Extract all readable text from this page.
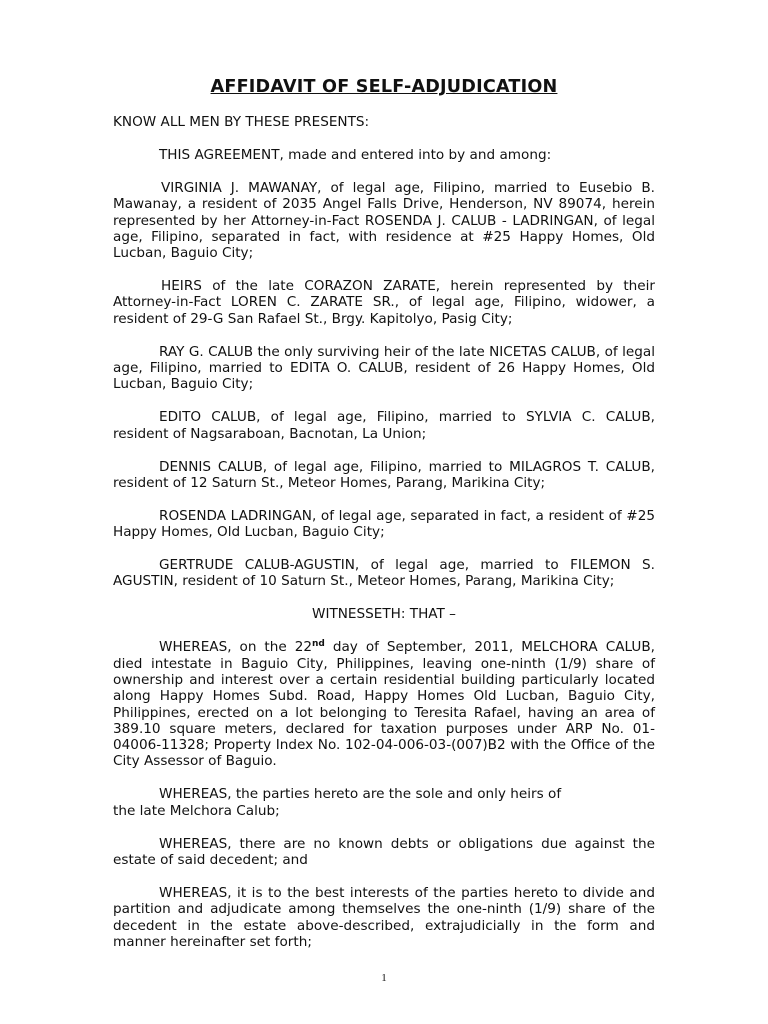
AFFIDAVIT OF SELF-ADJUDICATION

KNOW ALL MEN BY THESE PRESENTS:

THIS AGREEMENT, made and entered into by and among:

VIRGINIA J. MAWANAY, of legal age, Filipino, married to Eusebio B. Mawanay, a resident of 2035 Angel Falls Drive, Henderson, NV 89074, herein represented by her Attorney-in-Fact ROSENDA J. CALUB - LADRINGAN, of legal age, Filipino, separated in fact, with residence at #25 Happy Homes, Old Lucban, Baguio City;

HEIRS of the late CORAZON ZARATE, herein represented by their Attorney-in-Fact LOREN C. ZARATE SR., of legal age, Filipino, widower, a resident of 29-G San Rafael St., Brgy. Kapitolyo, Pasig City;

RAY G. CALUB the only surviving heir of the late NICETAS CALUB, of legal age, Filipino, married to EDITA O. CALUB, resident of 26 Happy Homes, Old Lucban, Baguio City;

EDITO CALUB, of legal age, Filipino, married to SYLVIA C. CALUB, resident of Nagsaraboan, Bacnotan, La Union;

DENNIS CALUB, of legal age, Filipino, married to MILAGROS T. CALUB, resident of 12 Saturn St., Meteor Homes, Parang, Marikina City;

ROSENDA LADRINGAN, of legal age, separated in fact, a resident of #25 Happy Homes, Old Lucban, Baguio City;

GERTRUDE CALUB-AGUSTIN, of legal age, married to FILEMON S. AGUSTIN, resident of 10 Saturn St., Meteor Homes, Parang, Marikina City;

WITNESSETH: THAT –

WHEREAS, on the 22nd day of September, 2011, MELCHORA CALUB, died intestate in Baguio City, Philippines, leaving one-ninth (1/9) share of ownership and interest over a certain residential building particularly located along Happy Homes Subd. Road, Happy Homes Old Lucban, Baguio City, Philippines, erected on a lot belonging to Teresita Rafael, having an area of 389.10 square meters, declared for taxation purposes under ARP No. 01-04006-11328; Property Index No. 102-04-006-03-(007)B2 with the Office of the City Assessor of Baguio.

WHEREAS, the parties hereto are the sole and only heirs of
the late Melchora Calub;

WHEREAS, there are no known debts or obligations due against the estate of said decedent; and

WHEREAS, it is to the best interests of the parties hereto to divide and partition and adjudicate among themselves the one-ninth (1/9) share of the decedent in the estate above-described, extrajudicially in the form and manner hereinafter set forth;

1
